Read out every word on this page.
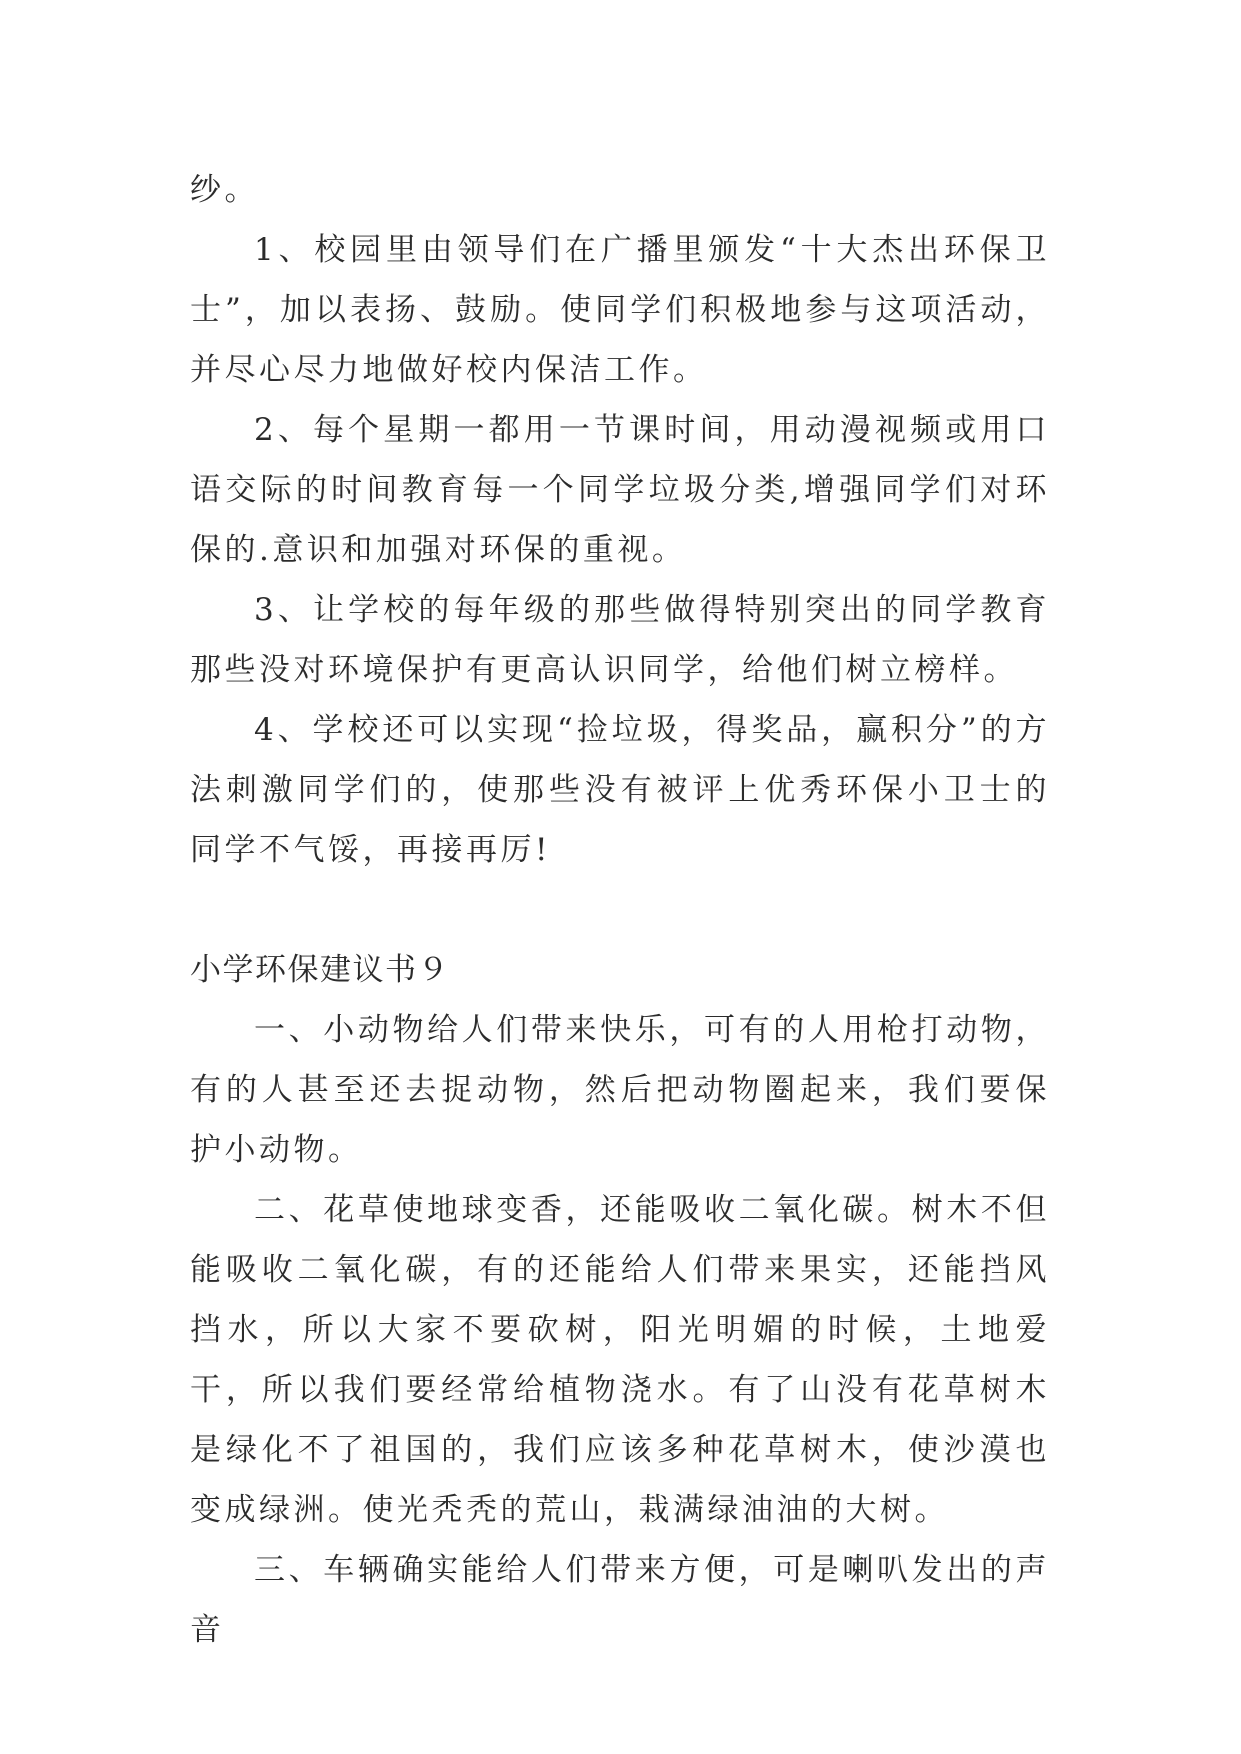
纱。

1、校园里由领导们在广播里颁发“十大杰出环保卫士”，加以表扬、鼓励。使同学们积极地参与这项活动，并尽心尽力地做好校内保洁工作。

2、每个星期一都用一节课时间，用动漫视频或用口语交际的时间教育每一个同学垃圾分类,增强同学们对环保的.意识和加强对环保的重视。

3、让学校的每年级的那些做得特别突出的同学教育那些没对环境保护有更高认识同学，给他们树立榜样。

4、学校还可以实现“捡垃圾，得奖品，赢积分”的方法刺激同学们的，使那些没有被评上优秀环保小卫士的同学不气馁，再接再厉!

小学环保建议书９

一、小动物给人们带来快乐，可有的人用枪打动物，有的人甚至还去捉动物，然后把动物圈起来，我们要保护小动物。

二、花草使地球变香，还能吸收二氧化碳。树木不但能吸收二氧化碳，有的还能给人们带来果实，还能挡风挡水，所以大家不要砍树，阳光明媚的时候，土地爱干，所以我们要经常给植物浇水。有了山没有花草树木是绿化不了祖国的，我们应该多种花草树木，使沙漠也变成绿洲。使光秃秃的荒山，栽满绿油油的大树。

三、车辆确实能给人们带来方便，可是喇叭发出的声音
